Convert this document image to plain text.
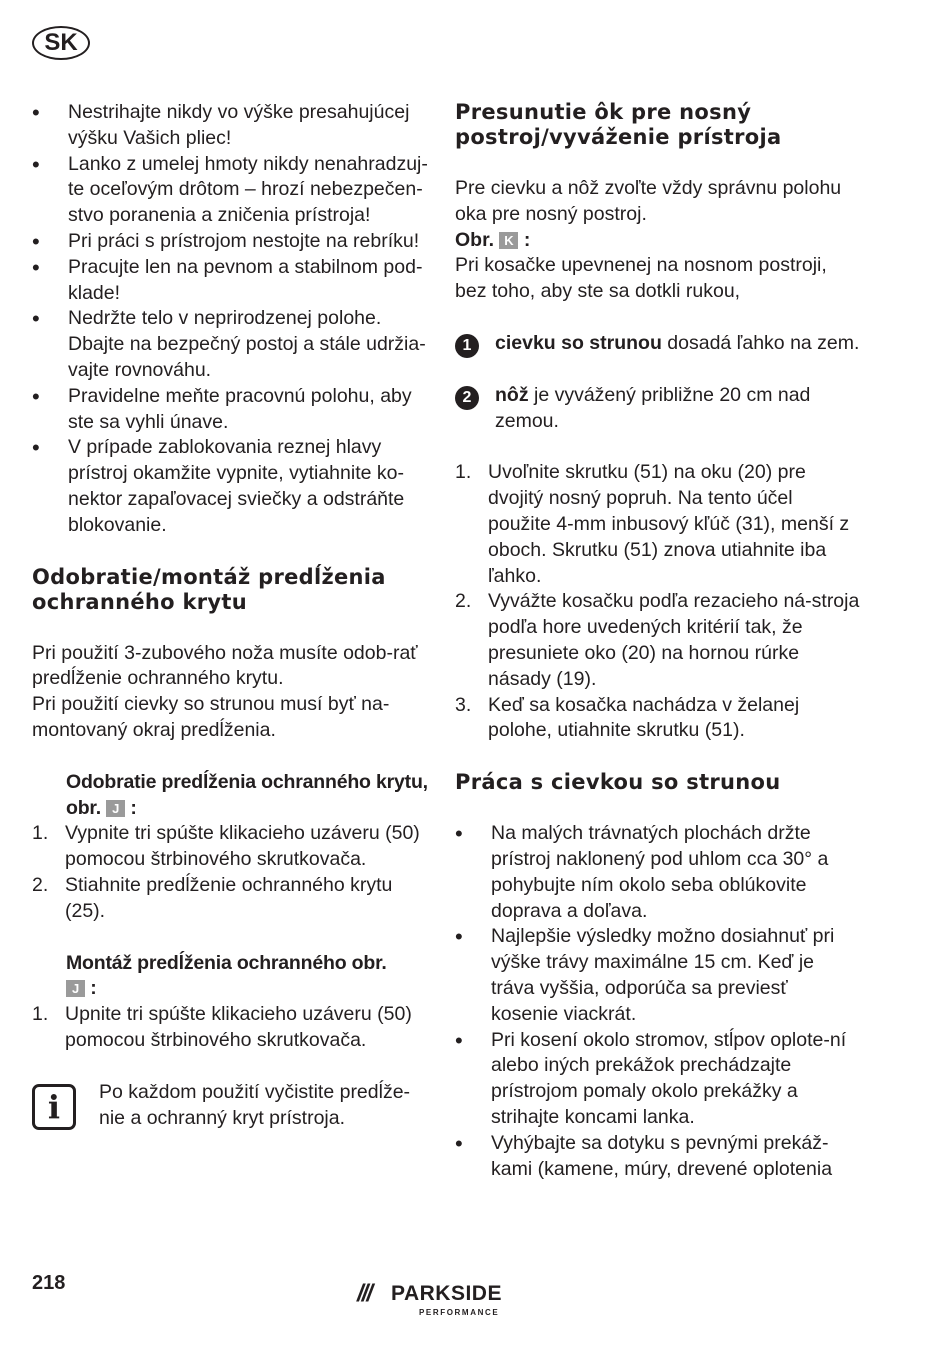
SK
• Nestrihajte nikdy vo výške presahujúcej výšku Vašich pliec!
• Lanko z umelej hmoty nikdy nenahradzuj-te oceľovým drôtom – hrozí nebezpečen-stvo poranenia a zničenia prístroja!
• Pri práci s prístrojom nestojte na rebríku!
• Pracujte len na pevnom a stabilnom pod-klade!
• Nedržte telo v neprirodzenej polohe. Dbajte na bezpečný postoj a stále udržia-vajte rovnováhu.
• Pravidelne meňte pracovnú polohu, aby ste sa vyhli únave.
• V prípade zablokovania reznej hlavy prístroj okamžite vypnite, vytiahnite ko-nektor zapaľovacej sviečky a odstráňte blokovanie.
Odobratie/montáž predĺženia ochranného krytu

Pri použití 3-zubového noža musíte odob-rať predĺženie ochranného krytu.

Pri použití cievky so strunou musí byť na-montovaný okraj predĺženia.

Odobratie predĺženia ochranného krytu, obr. J :

1. Vypnite tri spúšte klikacieho uzáveru (50) pomocou štrbinového skrutkovača.
2. Stiahnite predĺženie ochranného krytu (25).

Montáž predĺženia ochranného obr.
J :

1. Upnite tri spúšte klikacieho uzáveru (50) pomocou štrbinového skrutkovača.
i	Po každom použití vyčistite predĺže-nie a ochranný kryt prístroja.

Presunutie ôk pre nosný postroj/vyváženie prístroja

Pre cievku a nôž zvoľte vždy správnu polohu oka pre nosný postroj.

Obr. K :

Pri kosačke upevnenej na nosnom postroji, bez toho, aby ste sa dotkli rukou,

1	cievku so strunou dosadá ľahko na zem.
2	nôž je vyvážený približne 20 cm nad zemou.
1. Uvoľnite skrutku (51) na oku (20) pre dvojitý nosný popruh. Na tento účel použite 4-mm inbusový kľúč (31), menší z oboch. Skrutku (51) znova utiahnite iba ľahko.
2. Vyvážte kosačku podľa rezacieho ná-stroja podľa hore uvedených kritérií tak, že presuniete oko (20) na hornou rúrke násady (19).
3. Keď sa kosačka nachádza v želanej polohe, utiahnite skrutku (51).
Práca s cievkou so strunou
• Na malých trávnatých plochách držte prístroj naklonený pod uhlom cca 30° a pohybujte ním okolo seba oblúkovite doprava a doľava.
• Najlepšie výsledky možno dosiahnuť pri výške trávy maximálne 15 cm. Keď je tráva vyššia, odporúča sa previesť kosenie viackrát.
• Pri kosení okolo stromov, stĺpov oplote-ní alebo iných prekážok prechádzajte prístrojom pomaly okolo prekážky a strihajte koncami lanka.
• Vyhýbajte sa dotyku s pevnými prekáž-kami (kamene, múry, drevené oplotenia
218	/// PARKSIDE
PERFORMANCE
